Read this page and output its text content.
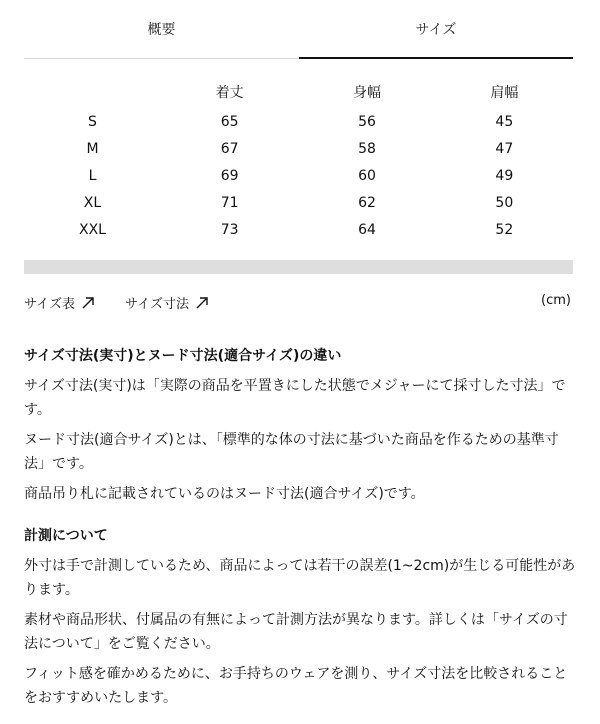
概要	サイズ
	着丈	身幅	肩幅
S	65	56	45
M	67	58	47
L	69	60	49
XL	71	62	50
XXL	73	64	52
サイズ表	サイズ寸法	(cm)
サイズ寸法(実寸)とヌード寸法(適合サイズ)の違い

サイズ寸法(実寸)は「実際の商品を平置きにした状態でメジャーにて採寸した寸法」です。

ヌード寸法(適合サイズ)とは、「標準的な体の寸法に基づいた商品を作るための基準寸法」です。

商品吊り札に記載されているのはヌード寸法(適合サイズ)です。

計測について

外寸は手で計測しているため、商品によっては若干の誤差(1~2cm)が生じる可能性があります。

素材や商品形状、付属品の有無によって計測方法が異なります。詳しくは「サイズの寸法について」をご覧ください。

フィット感を確かめるために、お手持ちのウェアを測り、サイズ寸法を比較されることをおすすめいたします。
